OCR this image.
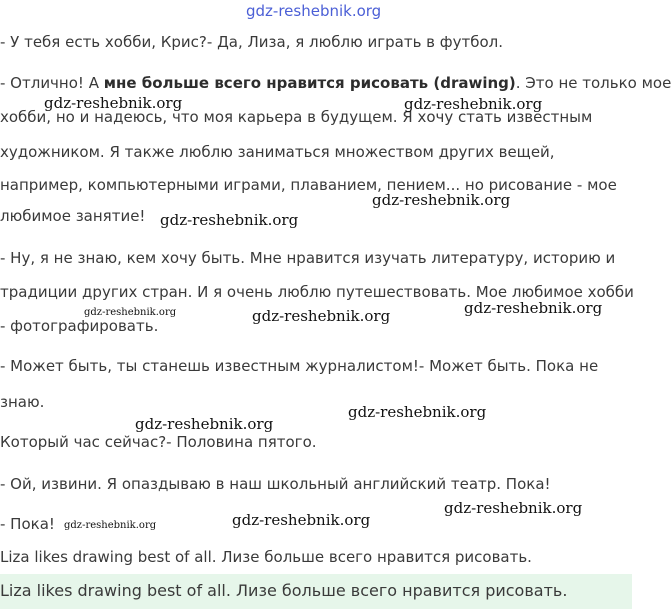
gdz-reshebnik.org
- У тебя есть хобби, Крис?- Да, Лиза, я люблю играть в футбол.
- Отлично! А мне больше всего нравится рисовать (drawing). Это не только мое
хобби, но и надеюсь, что моя карьера в будущем. Я хочу стать известным
художником. Я также люблю заниматься множеством других вещей,
например, компьютерными играми, плаванием, пением... но рисование - мое
любимое занятие!
- Ну, я не знаю, кем хочу быть. Мне нравится изучать литературу, историю и
традиции других стран. И я очень люблю путешествовать. Мое любимое хобби
- фотографировать.
- Может быть, ты станешь известным журналистом!- Может быть. Пока не
знаю.
Который час сейчас?- Половина пятого.
- Ой, извини. Я опаздываю в наш школьный английский театр. Пока!
- Пока!
Liza likes drawing best of all. Лизе больше всего нравится рисовать.
Liza likes drawing best of all. Лизе больше всего нравится рисовать.
gdz-reshebnik.org	gdz-reshebnik.org
gdz-reshebnik.org
gdz-reshebnik.org
gdz-reshebnik.org	gdz-reshebnik.org	gdz-reshebnik.org
gdz-reshebnik.org
gdz-reshebnik.org
gdz-reshebnik.org
gdz-reshebnik.org	gdz-reshebnik.org
